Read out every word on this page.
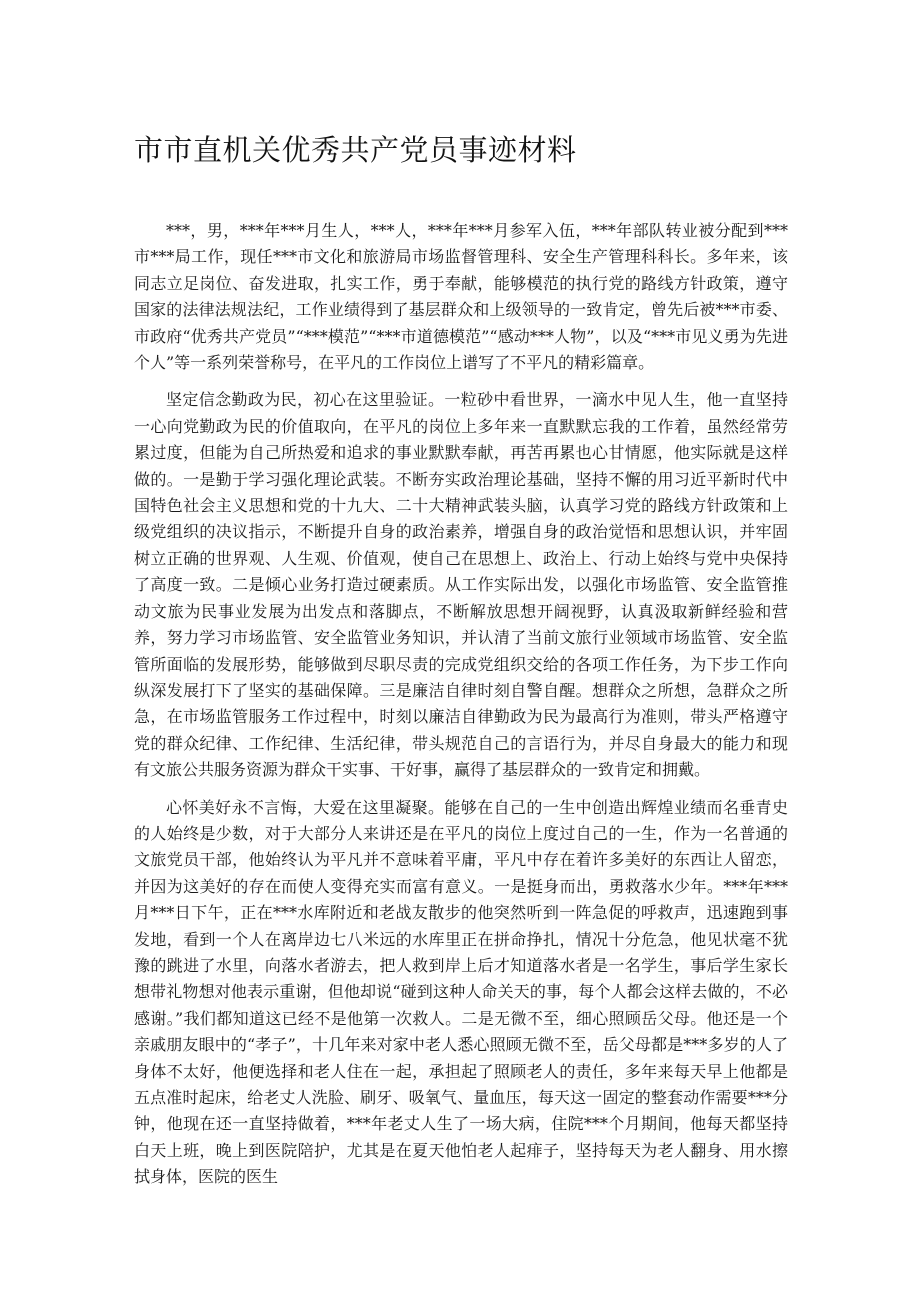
市市直机关优秀共产党员事迹材料

***，男，***年***月生人，***人，***年***月参军入伍，***年部队转业被分配到***市***局工作，现任***市文化和旅游局市场监督管理科、安全生产管理科科长。多年来，该同志立足岗位、奋发进取，扎实工作，勇于奉献，能够模范的执行党的路线方针政策，遵守国家的法律法规法纪，工作业绩得到了基层群众和上级领导的一致肯定，曾先后被***市委、市政府“优秀共产党员”“***模范”“***市道德模范”“感动***人物”，以及“***市见义勇为先进个人”等一系列荣誉称号，在平凡的工作岗位上谱写了不平凡的精彩篇章。

坚定信念勤政为民，初心在这里验证。一粒砂中看世界，一滴水中见人生，他一直坚持一心向党勤政为民的价值取向，在平凡的岗位上多年来一直默默忘我的工作着，虽然经常劳累过度，但能为自己所热爱和追求的事业默默奉献，再苦再累也心甘情愿，他实际就是这样做的。一是勤于学习强化理论武装。不断夯实政治理论基础，坚持不懈的用习近平新时代中国特色社会主义思想和党的十九大、二十大精神武装头脑，认真学习党的路线方针政策和上级党组织的决议指示，不断提升自身的政治素养，增强自身的政治觉悟和思想认识，并牢固树立正确的世界观、人生观、价值观，使自己在思想上、政治上、行动上始终与党中央保持了高度一致。二是倾心业务打造过硬素质。从工作实际出发，以强化市场监管、安全监管推动文旅为民事业发展为出发点和落脚点，不断解放思想开阔视野，认真汲取新鲜经验和营养，努力学习市场监管、安全监管业务知识，并认清了当前文旅行业领域市场监管、安全监管所面临的发展形势，能够做到尽职尽责的完成党组织交给的各项工作任务，为下步工作向纵深发展打下了坚实的基础保障。三是廉洁自律时刻自警自醒。想群众之所想，急群众之所急，在市场监管服务工作过程中，时刻以廉洁自律勤政为民为最高行为准则，带头严格遵守党的群众纪律、工作纪律、生活纪律，带头规范自己的言语行为，并尽自身最大的能力和现有文旅公共服务资源为群众干实事、干好事，赢得了基层群众的一致肯定和拥戴。

心怀美好永不言悔，大爱在这里凝聚。能够在自己的一生中创造出辉煌业绩而名垂青史的人始终是少数，对于大部分人来讲还是在平凡的岗位上度过自己的一生，作为一名普通的文旅党员干部，他始终认为平凡并不意味着平庸，平凡中存在着许多美好的东西让人留恋，并因为这美好的存在而使人变得充实而富有意义。一是挺身而出，勇救落水少年。***年***月***日下午，正在***水库附近和老战友散步的他突然听到一阵急促的呼救声，迅速跑到事发地，看到一个人在离岸边七八米远的水库里正在拼命挣扎，情况十分危急，他见状毫不犹豫的跳进了水里，向落水者游去，把人救到岸上后才知道落水者是一名学生，事后学生家长想带礼物想对他表示重谢，但他却说“碰到这种人命关天的事，每个人都会这样去做的，不必感谢。”我们都知道这已经不是他第一次救人。二是无微不至，细心照顾岳父母。他还是一个亲戚朋友眼中的“孝子”，十几年来对家中老人悉心照顾无微不至，岳父母都是***多岁的人了身体不太好，他便选择和老人住在一起，承担起了照顾老人的责任，多年来每天早上他都是五点准时起床，给老丈人洗脸、刷牙、吸氧气、量血压，每天这一固定的整套动作需要***分钟，他现在还一直坚持做着，***年老丈人生了一场大病，住院***个月期间，他每天都坚持白天上班，晚上到医院陪护，尤其是在夏天他怕老人起痱子，坚持每天为老人翻身、用水擦拭身体，医院的医生
